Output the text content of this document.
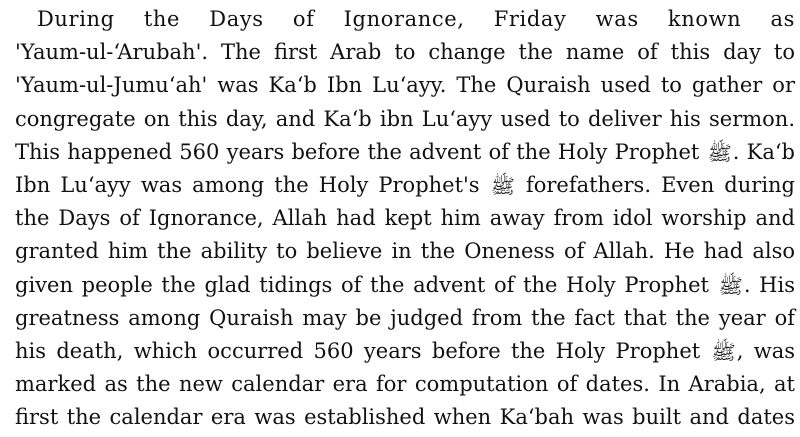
During the Days of Ignorance, Friday was known as
'Yaum-ul-‘Arubah'. The first Arab to change the name of this day to
'Yaum-ul-Jumu‘ah' was Ka‘b Ibn Lu‘ayy. The Quraish used to gather or
congregate on this day, and Ka‘b ibn Lu‘ayy used to deliver his sermon.
This happened 560 years before the advent of the Holy Prophet ﷺ. Ka‘b
Ibn Lu‘ayy was among the Holy Prophet's ﷺ forefathers. Even during
the Days of Ignorance, Allah had kept him away from idol worship and
granted him the ability to believe in the Oneness of Allah. He had also
given people the glad tidings of the advent of the Holy Prophet ﷺ. His
greatness among Quraish may be judged from the fact that the year of
his death, which occurred 560 years before the Holy Prophet ﷺ, was
marked as the new calendar era for computation of dates. In Arabia, at
first the calendar era was established when Ka‘bah was built and dates
